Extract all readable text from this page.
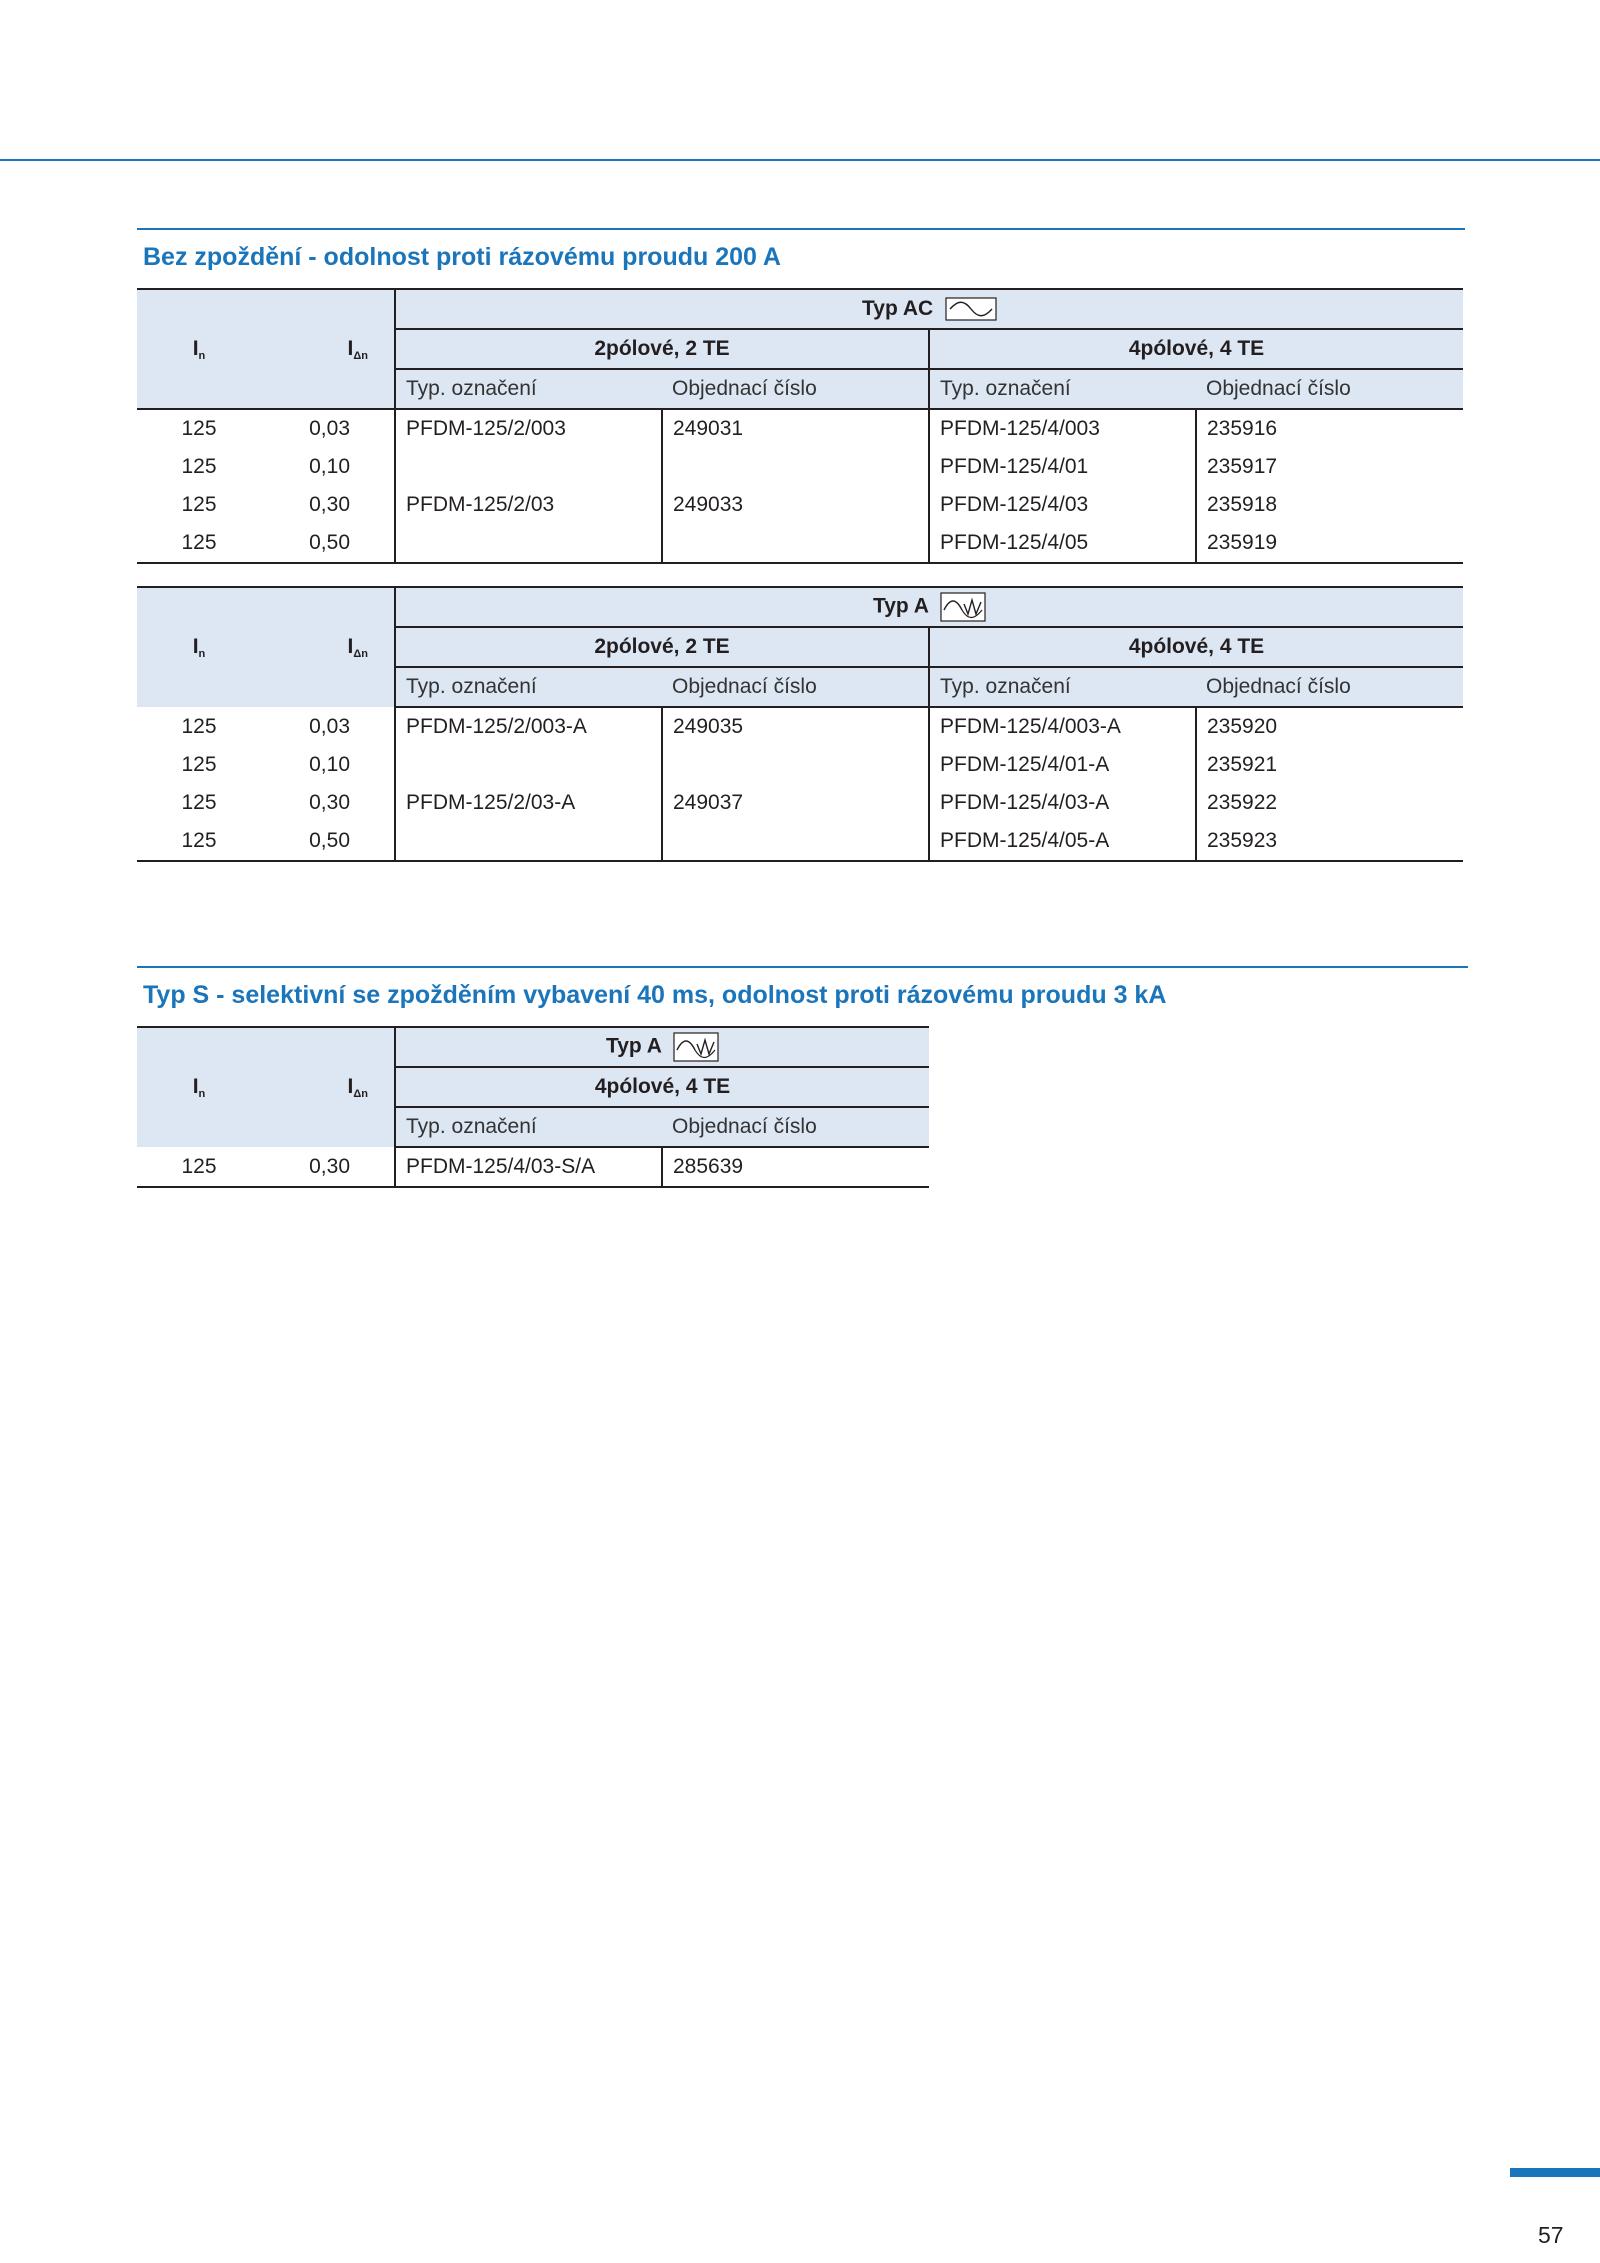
Bez zpoždění - odolnost proti rázovému proudu 200 A
$I_n$	$I_{\Delta n}$	Typ AC			
		2pólové, 2 TE		4pólové, 4 TE	
		Typ. označení	Objednací číslo	Typ. označení	Objednací číslo
125	0,03	PFDM-125/2/003	249031	PFDM-125/4/003	235916
125	0,10			PFDM-125/4/01	235917
125	0,30	PFDM-125/2/03	249033	PFDM-125/4/03	235918
125	0,50			PFDM-125/4/05	235919
$I_n$	$I_{\Delta n}$	Typ A			
		2pólové, 2 TE		4pólové, 4 TE	
		Typ. označení	Objednací číslo	Typ. označení	Objednací číslo
125	0,03	PFDM-125/2/003-A	249035	PFDM-125/4/003-A	235920
125	0,10			PFDM-125/4/01-A	235921
125	0,30	PFDM-125/2/03-A	249037	PFDM-125/4/03-A	235922
125	0,50			PFDM-125/4/05-A	235923
Typ S - selektivní se zpožděním vybavení 40 ms, odolnost proti rázovému proudu 3 kA
$I_n$	$I_{\Delta n}$	Typ A	
		4pólové, 4 TE	
		Typ. označení	Objednací číslo
125	0,30	PFDM-125/4/03-S/A	285639
57
